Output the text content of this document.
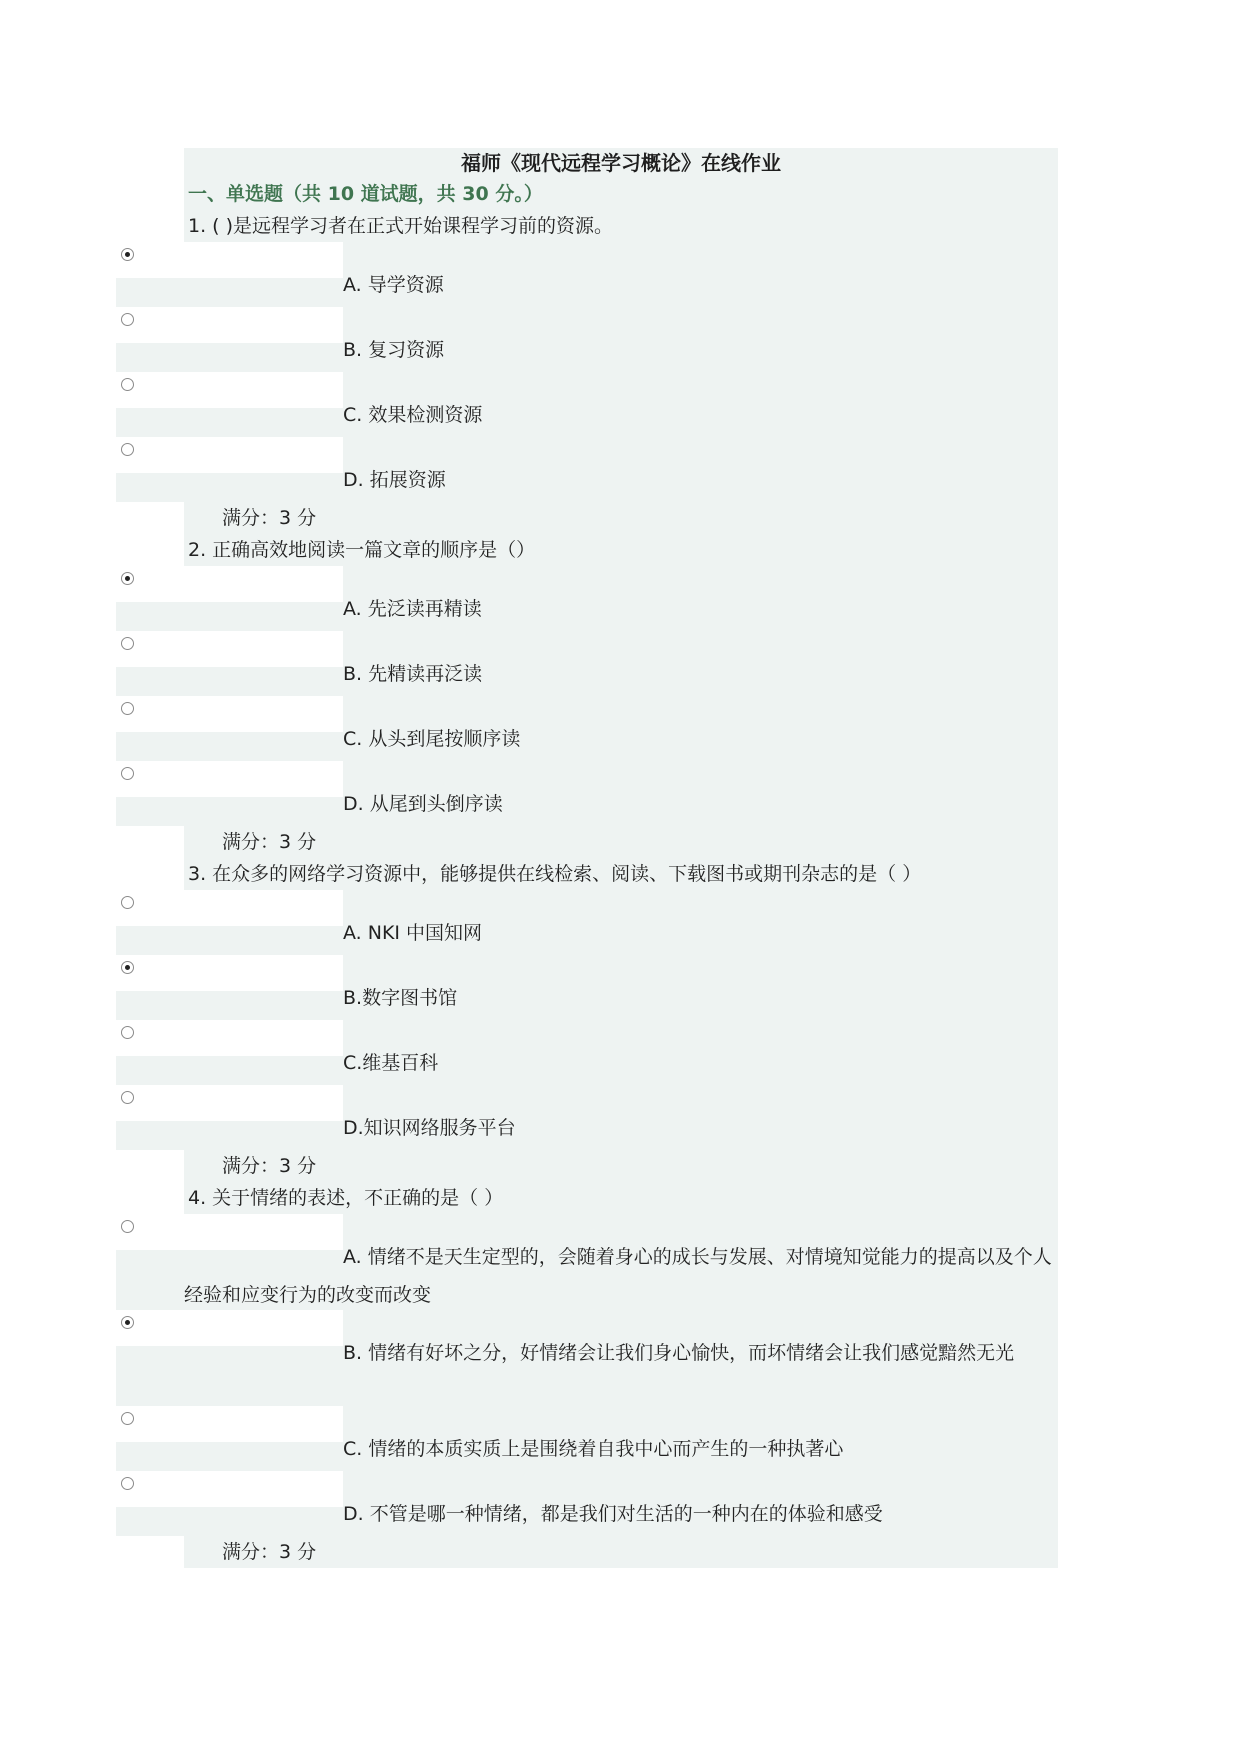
福师《现代远程学习概论》在线作业
一、单选题（共 10 道试题，共 30 分。）
1. ( )是远程学习者在正式开始课程学习前的资源。
A. 导学资源
B. 复习资源
C. 效果检测资源
D. 拓展资源
满分：3 分
2. 正确高效地阅读一篇文章的顺序是（）
A. 先泛读再精读
B. 先精读再泛读
C. 从头到尾按顺序读
D. 从尾到头倒序读
满分：3 分
3. 在众多的网络学习资源中，能够提供在线检索、阅读、下载图书或期刊杂志的是（ ）
A. NKI 中国知网
B.数字图书馆
C.维基百科
D.知识网络服务平台
满分：3 分
4. 关于情绪的表述，不正确的是（ ）
A. 情绪不是天生定型的，会随着身心的成长与发展、对情境知觉能力的提高以及个人经验和应变行为的改变而改变
B. 情绪有好坏之分，好情绪会让我们身心愉快，而坏情绪会让我们感觉黯然无光
C. 情绪的本质实质上是围绕着自我中心而产生的一种执著心
D. 不管是哪一种情绪，都是我们对生活的一种内在的体验和感受
满分：3 分
